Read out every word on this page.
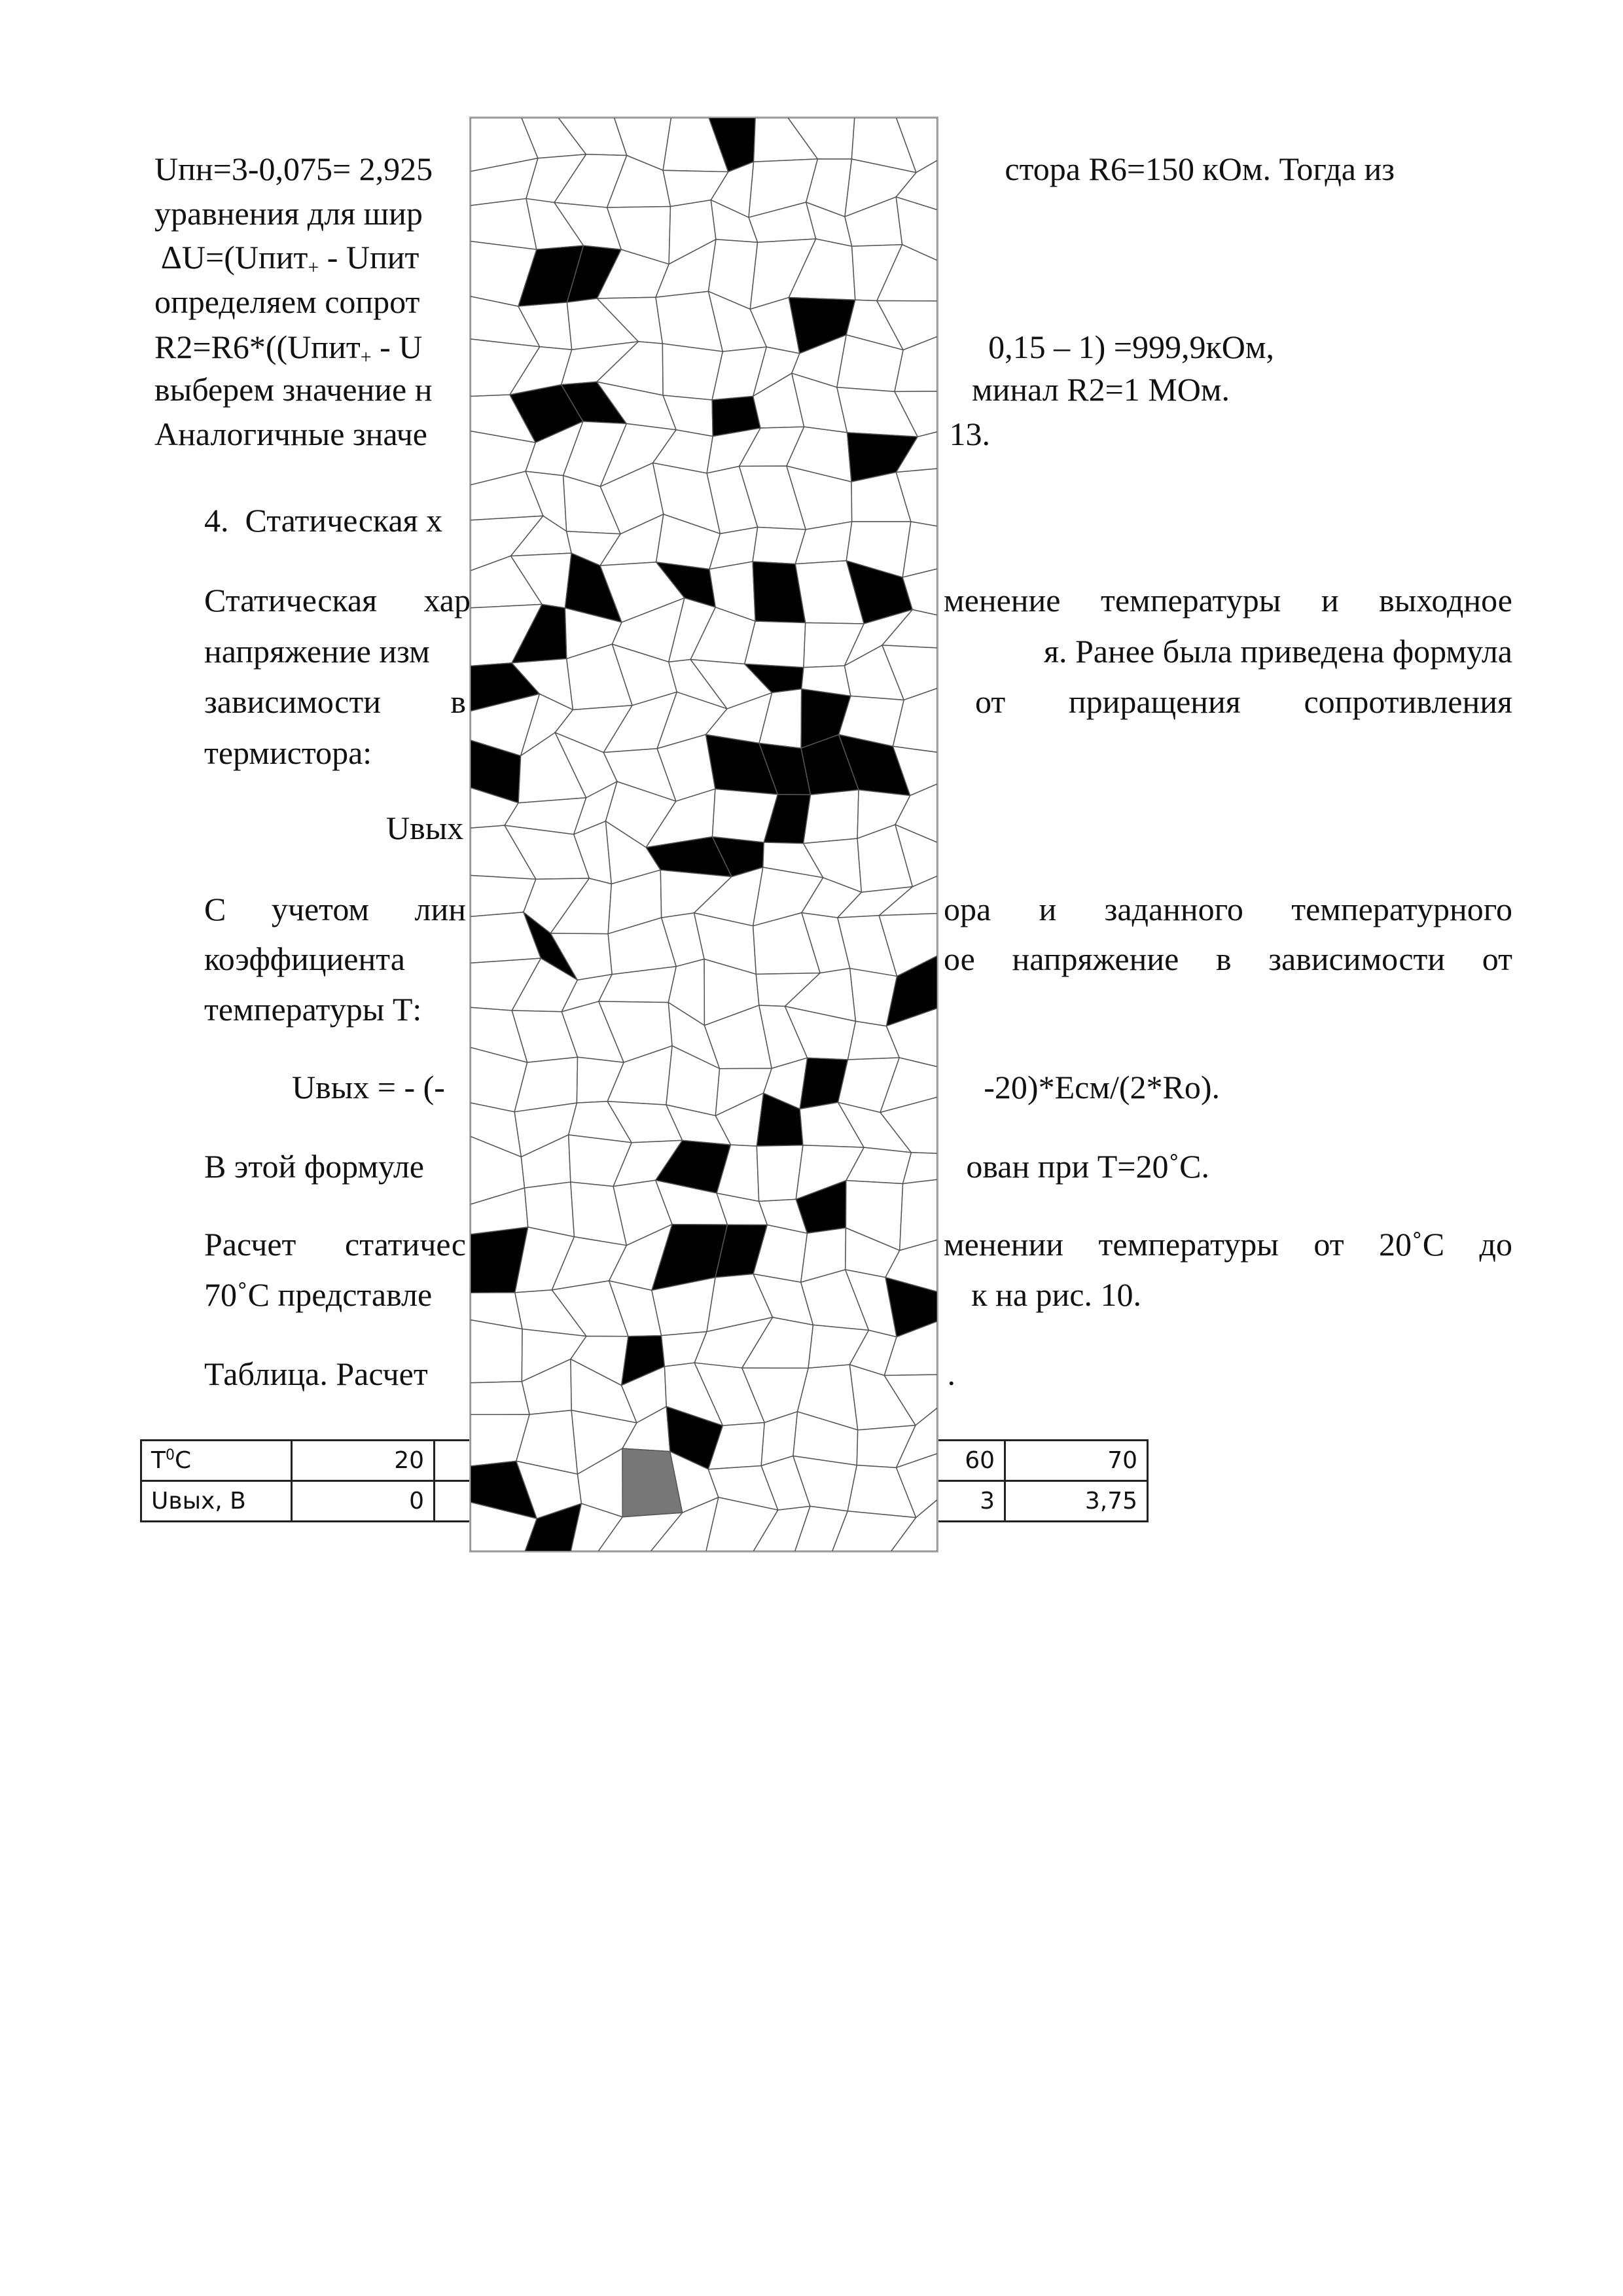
Uпн=3-0,075= 2,925	стора R6=150 кОм. Тогда из
уравнения для шир
ΔU=(Uпит$_+$ - Uпит
определяем сопрот
R2=R6*((Uпит$_+$ - U	0,15 – 1) =999,9кОм,
выберем значение н	минал R2=1 МОм.
Аналогичные значе	13.
4.  Статическая х
Статическая хар	менение температуры и выходное
напряжение изм	я. Ранее была приведена формула
зависимости в	от приращения сопротивления
термистора:
Uвых
С учетом лин	ора и заданного температурного
коэффициента	ое напряжение в зависимости от
температуры Т:
Uвых = - (-	-20)*Eсм/(2*Ro).
В этой формуле	ован при T=20˚C.
Расчет статичес	менении температуры от 20˚C до
70˚C представле	к на рис. 10.
Таблица. Расчет	.
$T^0C$	20				60	70
Uвых, В	0				3	3,75
